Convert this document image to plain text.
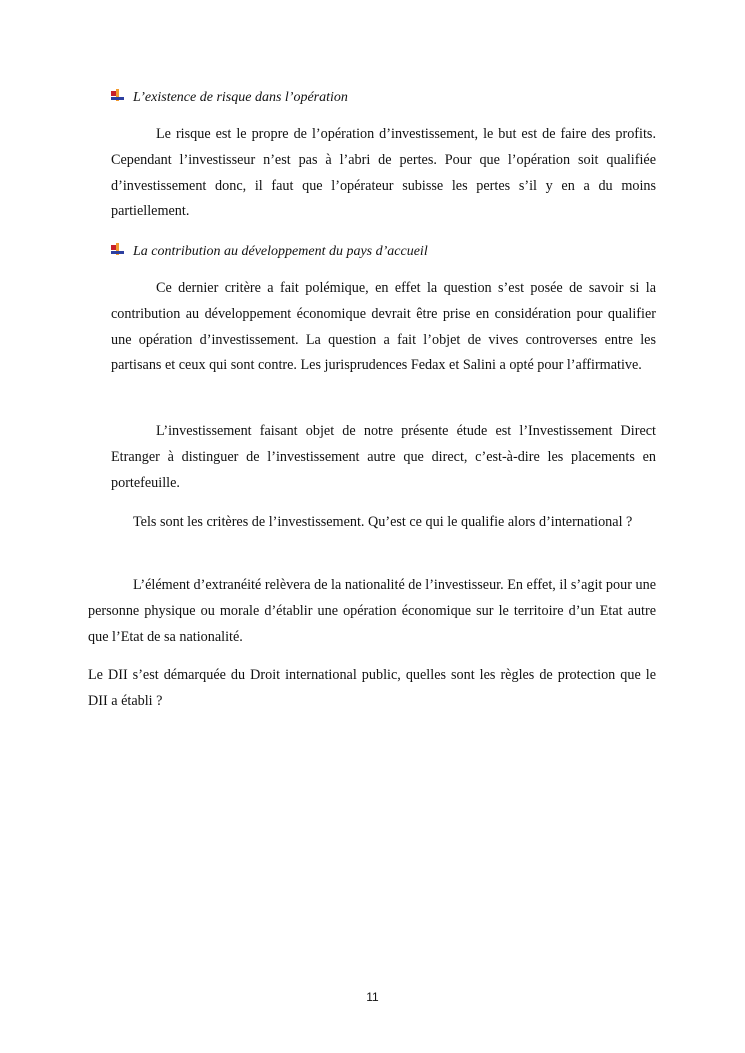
L’existence de risque dans l’opération

Le risque est le propre de l’opération d’investissement, le but est de faire des profits. Cependant l’investisseur n’est pas à l’abri de pertes. Pour que l’opération soit qualifiée d’investissement donc, il faut que l’opérateur subisse les pertes s’il y en a du moins partiellement.

La contribution au développement du pays d’accueil

Ce dernier critère a fait polémique, en effet la question s’est posée de savoir si la contribution au développement économique devrait être prise en considération pour qualifier une opération d’investissement. La question a fait l’objet de vives controverses entre les partisans et ceux qui sont contre. Les jurisprudences Fedax et Salini a opté pour l’affirmative.

L’investissement faisant objet de notre présente étude est l’Investissement Direct Etranger à distinguer de l’investissement autre que direct, c’est-à-dire les placements en portefeuille.

Tels sont les critères de l’investissement. Qu’est ce qui le qualifie alors d’international ?

L’élément d’extranéité relèvera de la nationalité de l’investisseur. En effet, il s’agit pour une personne physique ou morale d’établir une opération économique sur le territoire d’un Etat autre que l’Etat de sa nationalité.

Le DII s’est démarquée du Droit international public, quelles sont les règles de protection que le DII a établi ?

11
